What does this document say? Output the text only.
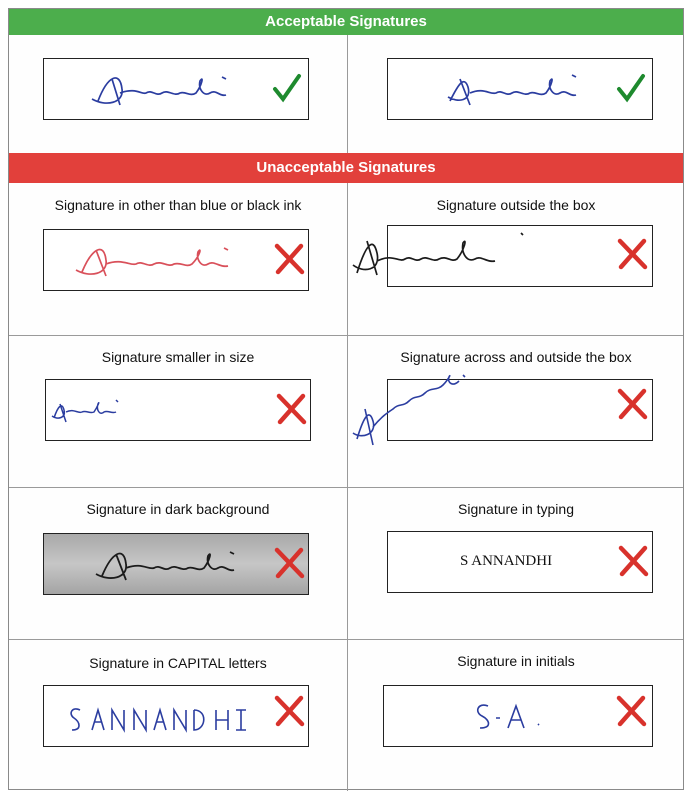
Acceptable Signatures
Unacceptable Signatures
Signature in other than blue or black ink	Signature outside the box
Signature smaller in size	Signature across and outside the box
Signature in dark background	Signature in typing
S ANNANDHI
Signature in CAPITAL letters	Signature in initials
